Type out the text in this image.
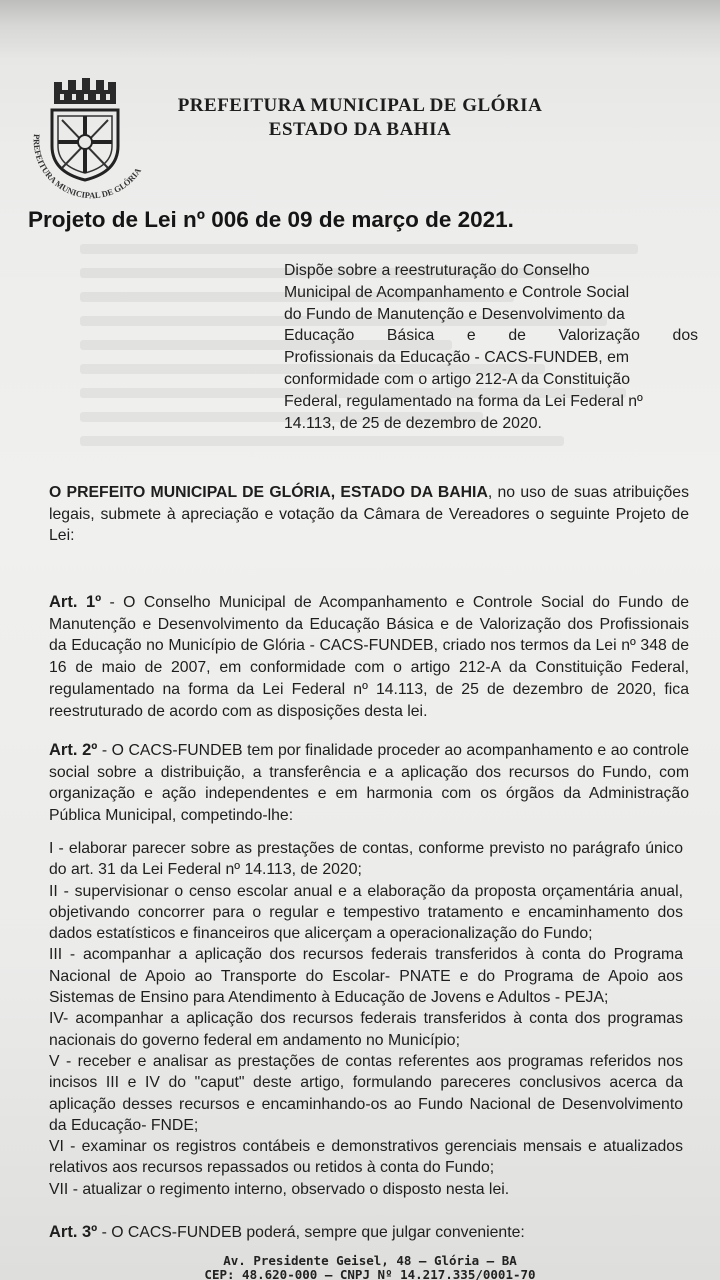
PREFEITURA MUNICIPAL DE GLÓRIA
PREFEITURA MUNICIPAL DE GLÓRIA
ESTADO DA BAHIA
Projeto de Lei nº 006 de 09 de março de 2021.
Dispõe sobre a reestruturação do Conselho
Municipal de Acompanhamento e Controle Social
do Fundo de Manutenção e Desenvolvimento da
Educação Básica e de Valorização dos
Profissionais da Educação - CACS-FUNDEB, em
conformidade com o artigo 212-A da Constituição
Federal, regulamentado na forma da Lei Federal nº
14.113, de 25 de dezembro de 2020.
O PREFEITO MUNICIPAL DE GLÓRIA, ESTADO DA BAHIA, no uso de suas atribuições legais, submete à apreciação e votação da Câmara de Vereadores o seguinte Projeto de Lei:
Art. 1º - O Conselho Municipal de Acompanhamento e Controle Social do Fundo de Manutenção e Desenvolvimento da Educação Básica e de Valorização dos Profissionais da Educação no Município de Glória - CACS-FUNDEB, criado nos termos da Lei nº 348 de 16 de maio de 2007, em conformidade com o artigo 212-A da Constituição Federal, regulamentado na forma da Lei Federal nº 14.113, de 25 de dezembro de 2020, fica reestruturado de acordo com as disposições desta lei.
Art. 2º - O CACS-FUNDEB tem por finalidade proceder ao acompanhamento e ao controle social sobre a distribuição, a transferência e a aplicação dos recursos do Fundo, com organização e ação independentes e em harmonia com os órgãos da Administração Pública Municipal, competindo-lhe:
I - elaborar parecer sobre as prestações de contas, conforme previsto no parágrafo único do art. 31 da Lei Federal nº 14.113, de 2020;
II - supervisionar o censo escolar anual e a elaboração da proposta orçamentária anual, objetivando concorrer para o regular e tempestivo tratamento e encaminhamento dos dados estatísticos e financeiros que alicerçam a operacionalização do Fundo;
III - acompanhar a aplicação dos recursos federais transferidos à conta do Programa Nacional de Apoio ao Transporte do Escolar- PNATE e do Programa de Apoio aos Sistemas de Ensino para Atendimento à Educação de Jovens e Adultos - PEJA;
IV- acompanhar a aplicação dos recursos federais transferidos à conta dos programas nacionais do governo federal em andamento no Município;
V - receber e analisar as prestações de contas referentes aos programas referidos nos incisos III e IV do "caput" deste artigo, formulando pareceres conclusivos acerca da aplicação desses recursos e encaminhando-os ao Fundo Nacional de Desenvolvimento da Educação- FNDE;
VI - examinar os registros contábeis e demonstrativos gerenciais mensais e atualizados relativos aos recursos repassados ou retidos à conta do Fundo;
VII - atualizar o regimento interno, observado o disposto nesta lei.
Art. 3º - O CACS-FUNDEB poderá, sempre que julgar conveniente:
Av. Presidente Geisel, 48 – Glória – BA
CEP: 48.620-000 – CNPJ Nº 14.217.335/0001-70
